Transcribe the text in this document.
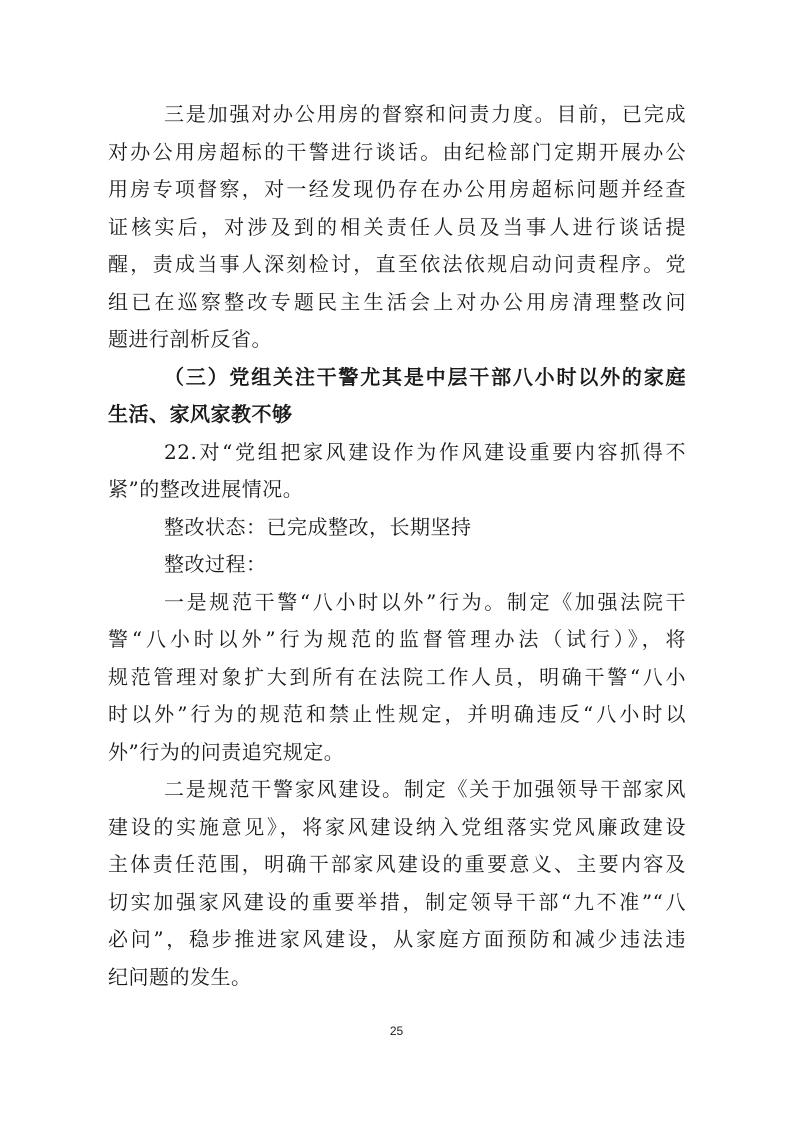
三是加强对办公用房的督察和问责力度。目前，已完成
对办公用房超标的干警进行谈话。由纪检部门定期开展办公
用房专项督察，对一经发现仍存在办公用房超标问题并经查
证核实后，对涉及到的相关责任人员及当事人进行谈话提
醒，责成当事人深刻检讨，直至依法依规启动问责程序。党
组已在巡察整改专题民主生活会上对办公用房清理整改问
题进行剖析反省。
（三）党组关注干警尤其是中层干部八小时以外的家庭
生活、家风家教不够
22.对“党组把家风建设作为作风建设重要内容抓得不
紧”的整改进展情况。
整改状态：已完成整改，长期坚持
整改过程：
一是规范干警“八小时以外”行为。制定《加强法院干
警“八小时以外”行为规范的监督管理办法（试行）》，将
规范管理对象扩大到所有在法院工作人员，明确干警“八小
时以外”行为的规范和禁止性规定，并明确违反“八小时以
外”行为的问责追究规定。
二是规范干警家风建设。制定《关于加强领导干部家风
建设的实施意见》，将家风建设纳入党组落实党风廉政建设
主体责任范围，明确干部家风建设的重要意义、主要内容及
切实加强家风建设的重要举措，制定领导干部“九不准”“八
必问”，稳步推进家风建设，从家庭方面预防和减少违法违
纪问题的发生。
25
